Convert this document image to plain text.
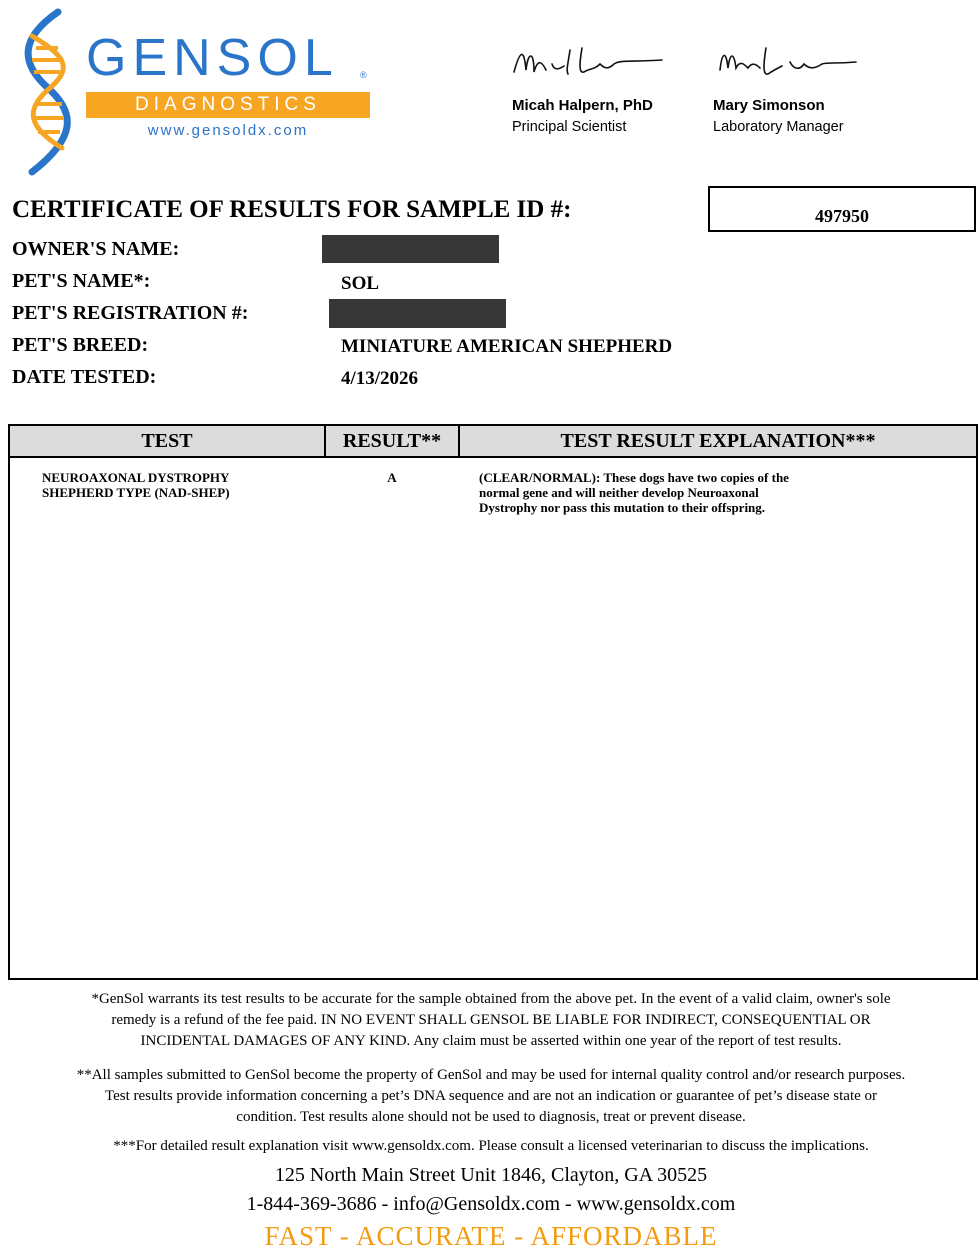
GENSOL ®
DIAGNOSTICS
www.gensoldx.com
Micah Halpern, PhD
Principal Scientist
Mary Simonson
Laboratory Manager
CERTIFICATE OF RESULTS FOR SAMPLE ID #:	497950
OWNER'S NAME:
PET'S NAME*:	SOL
PET'S REGISTRATION #:
PET'S BREED:	MINIATURE AMERICAN SHEPHERD
DATE TESTED:	4/13/2026
TEST	RESULT**	TEST RESULT EXPLANATION***
NEUROAXONAL DYSTROPHY
SHEPHERD TYPE (NAD-SHEP)
A	(CLEAR/NORMAL): These dogs have two copies of the
normal gene and will neither develop Neuroaxonal
Dystrophy nor pass this mutation to their offspring.
*GenSol warrants its test results to be accurate for the sample obtained from the above pet. In the event of a valid claim, owner's sole
remedy is a refund of the fee paid. IN NO EVENT SHALL GENSOL BE LIABLE FOR INDIRECT, CONSEQUENTIAL OR
INCIDENTAL DAMAGES OF ANY KIND. Any claim must be asserted within one year of the report of test results.
**All samples submitted to GenSol become the property of GenSol and may be used for internal quality control and/or research purposes.
Test results provide information concerning a pet’s DNA sequence and are not an indication or guarantee of pet’s disease state or
condition. Test results alone should not be used to diagnosis, treat or prevent disease.
***For detailed result explanation visit www.gensoldx.com. Please consult a licensed veterinarian to discuss the implications.
125 North Main Street Unit 1846, Clayton, GA 30525
1-844-369-3686 - info@Gensoldx.com - www.gensoldx.com
FAST - ACCURATE - AFFORDABLE
